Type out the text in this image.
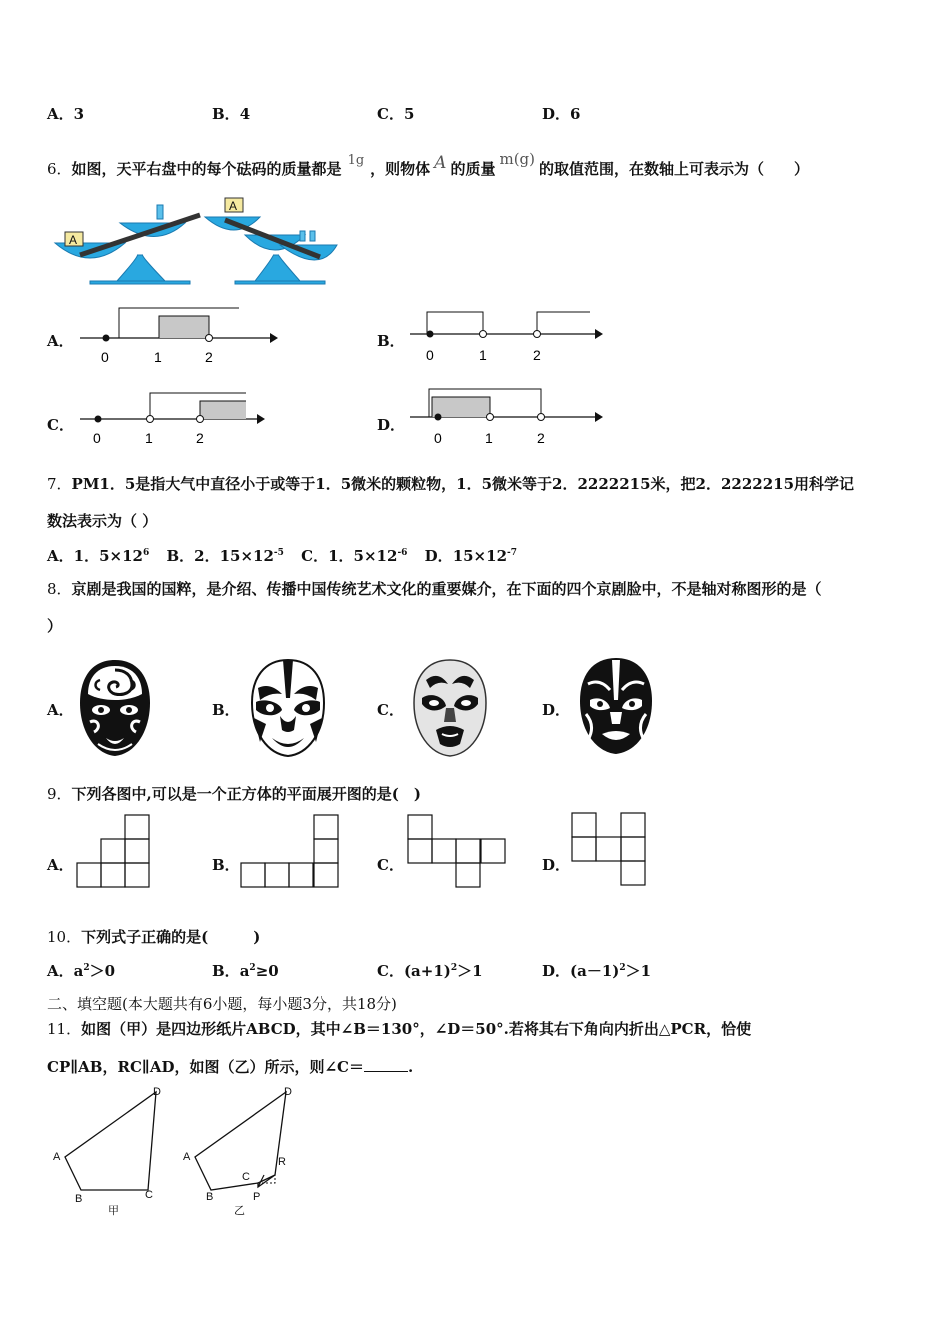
A．3	B．4	C．5	D．6
6．如图，天平右盘中的每个砝码的质量都是 1g ，则物体 A 的质量m(g)的取值范围，在数轴上可表示为（　　）
A
A
A．
0	1	2
B．
0	1	2
C．
0	1	2
D．
0	1	2
7．PM1．5是指大气中直径小于或等于1．5微米的颗粒物，1．5微米等于2．2222215米，把2．2222215用科学记
数法表示为（ ）
A．1．$5\times 12^6$ B．2．$15\times 12^{-5}$ C．1．$5\times 12^{-6}$ D．$15\times 12^{-7}$
8．京剧是我国的国粹，是介绍、传播中国传统艺术文化的重要媒介，在下面的四个京剧脸中，不是轴对称图形的是（
）
A．	B．	C．	D．
9．下列各图中,可以是一个正方体的平面展开图的是(　)
A．	B．	C．	D．
10．下列式子正确的是(　　　)
A．$a^2>0$	B．$a^2\ge 0$	C．$(a+1)^2>1$	D．$(a-1)^2>1$
二、填空题(本大题共有6小题，每小题3分，共18分)
11．如图（甲）是四边形纸片ABCD，其中∠B＝130°，∠D＝50°.若将其右下角向内折出△PCR，恰使
CP∥AB，RC∥AD，如图（乙）所示，则∠C＝	.
A
B	C
D
甲
A
B
C
D
P
R
乙
